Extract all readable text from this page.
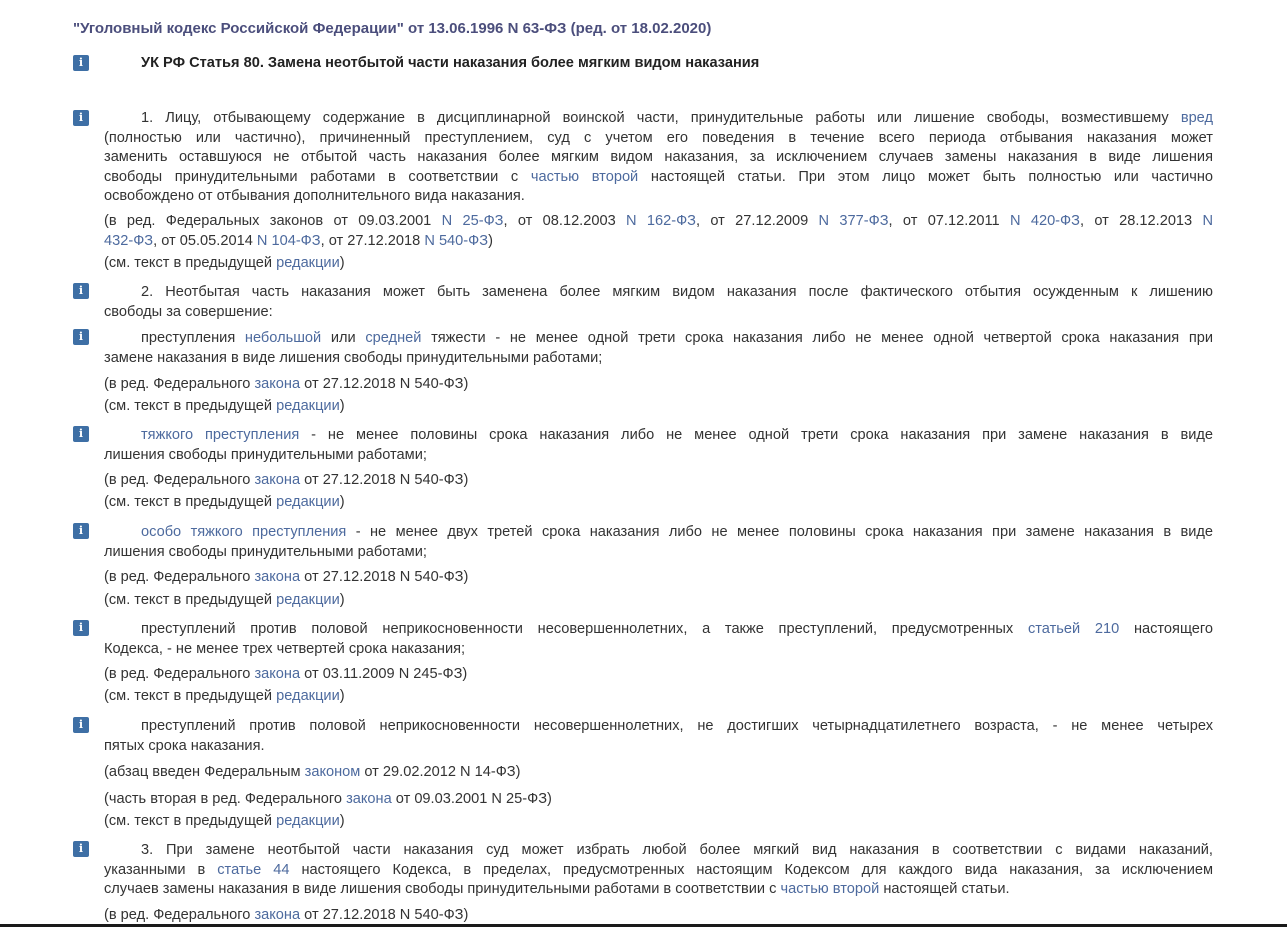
"Уголовный кодекс Российской Федерации" от 13.06.1996 N 63-ФЗ (ред. от 18.02.2020)
i	УК РФ Статья 80. Замена неотбытой части наказания более мягким видом наказания
i	1. Лицу, отбывающему содержание в дисциплинарной воинской части, принудительные работы или лишение свободы, возместившему вред
(полностью или частично), причиненный преступлением, суд с учетом его поведения в течение всего периода отбывания наказания может
заменить оставшуюся не отбытой часть наказания более мягким видом наказания, за исключением случаев замены наказания в виде лишения
свободы принудительными работами в соответствии с частью второй настоящей статьи. При этом лицо может быть полностью или частично
освобождено от отбывания дополнительного вида наказания.
(в ред. Федеральных законов от 09.03.2001 N 25-ФЗ, от 08.12.2003 N 162-ФЗ, от 27.12.2009 N 377-ФЗ, от 07.12.2011 N 420-ФЗ, от 28.12.2013 N
432-ФЗ, от 05.05.2014 N 104-ФЗ, от 27.12.2018 N 540-ФЗ)
(см. текст в предыдущей редакции)
i	2. Неотбытая часть наказания может быть заменена более мягким видом наказания после фактического отбытия осужденным к лишению
свободы за совершение:
i	преступления небольшой или средней тяжести - не менее одной трети срока наказания либо не менее одной четвертой срока наказания при
замене наказания в виде лишения свободы принудительными работами;
(в ред. Федерального закона от 27.12.2018 N 540-ФЗ)
(см. текст в предыдущей редакции)
i	тяжкого преступления - не менее половины срока наказания либо не менее одной трети срока наказания при замене наказания в виде
лишения свободы принудительными работами;
(в ред. Федерального закона от 27.12.2018 N 540-ФЗ)
(см. текст в предыдущей редакции)
i	особо тяжкого преступления - не менее двух третей срока наказания либо не менее половины срока наказания при замене наказания в виде
лишения свободы принудительными работами;
(в ред. Федерального закона от 27.12.2018 N 540-ФЗ)
(см. текст в предыдущей редакции)
i	преступлений против половой неприкосновенности несовершеннолетних, а также преступлений, предусмотренных статьей 210 настоящего
Кодекса, - не менее трех четвертей срока наказания;
(в ред. Федерального закона от 03.11.2009 N 245-ФЗ)
(см. текст в предыдущей редакции)
i	преступлений против половой неприкосновенности несовершеннолетних, не достигших четырнадцатилетнего возраста, - не менее четырех
пятых срока наказания.
(абзац введен Федеральным законом от 29.02.2012 N 14-ФЗ)
(часть вторая в ред. Федерального закона от 09.03.2001 N 25-ФЗ)
(см. текст в предыдущей редакции)
i	3. При замене неотбытой части наказания суд может избрать любой более мягкий вид наказания в соответствии с видами наказаний,
указанными в статье 44 настоящего Кодекса, в пределах, предусмотренных настоящим Кодексом для каждого вида наказания, за исключением
случаев замены наказания в виде лишения свободы принудительными работами в соответствии с частью второй настоящей статьи.
(в ред. Федерального закона от 27.12.2018 N 540-ФЗ)
